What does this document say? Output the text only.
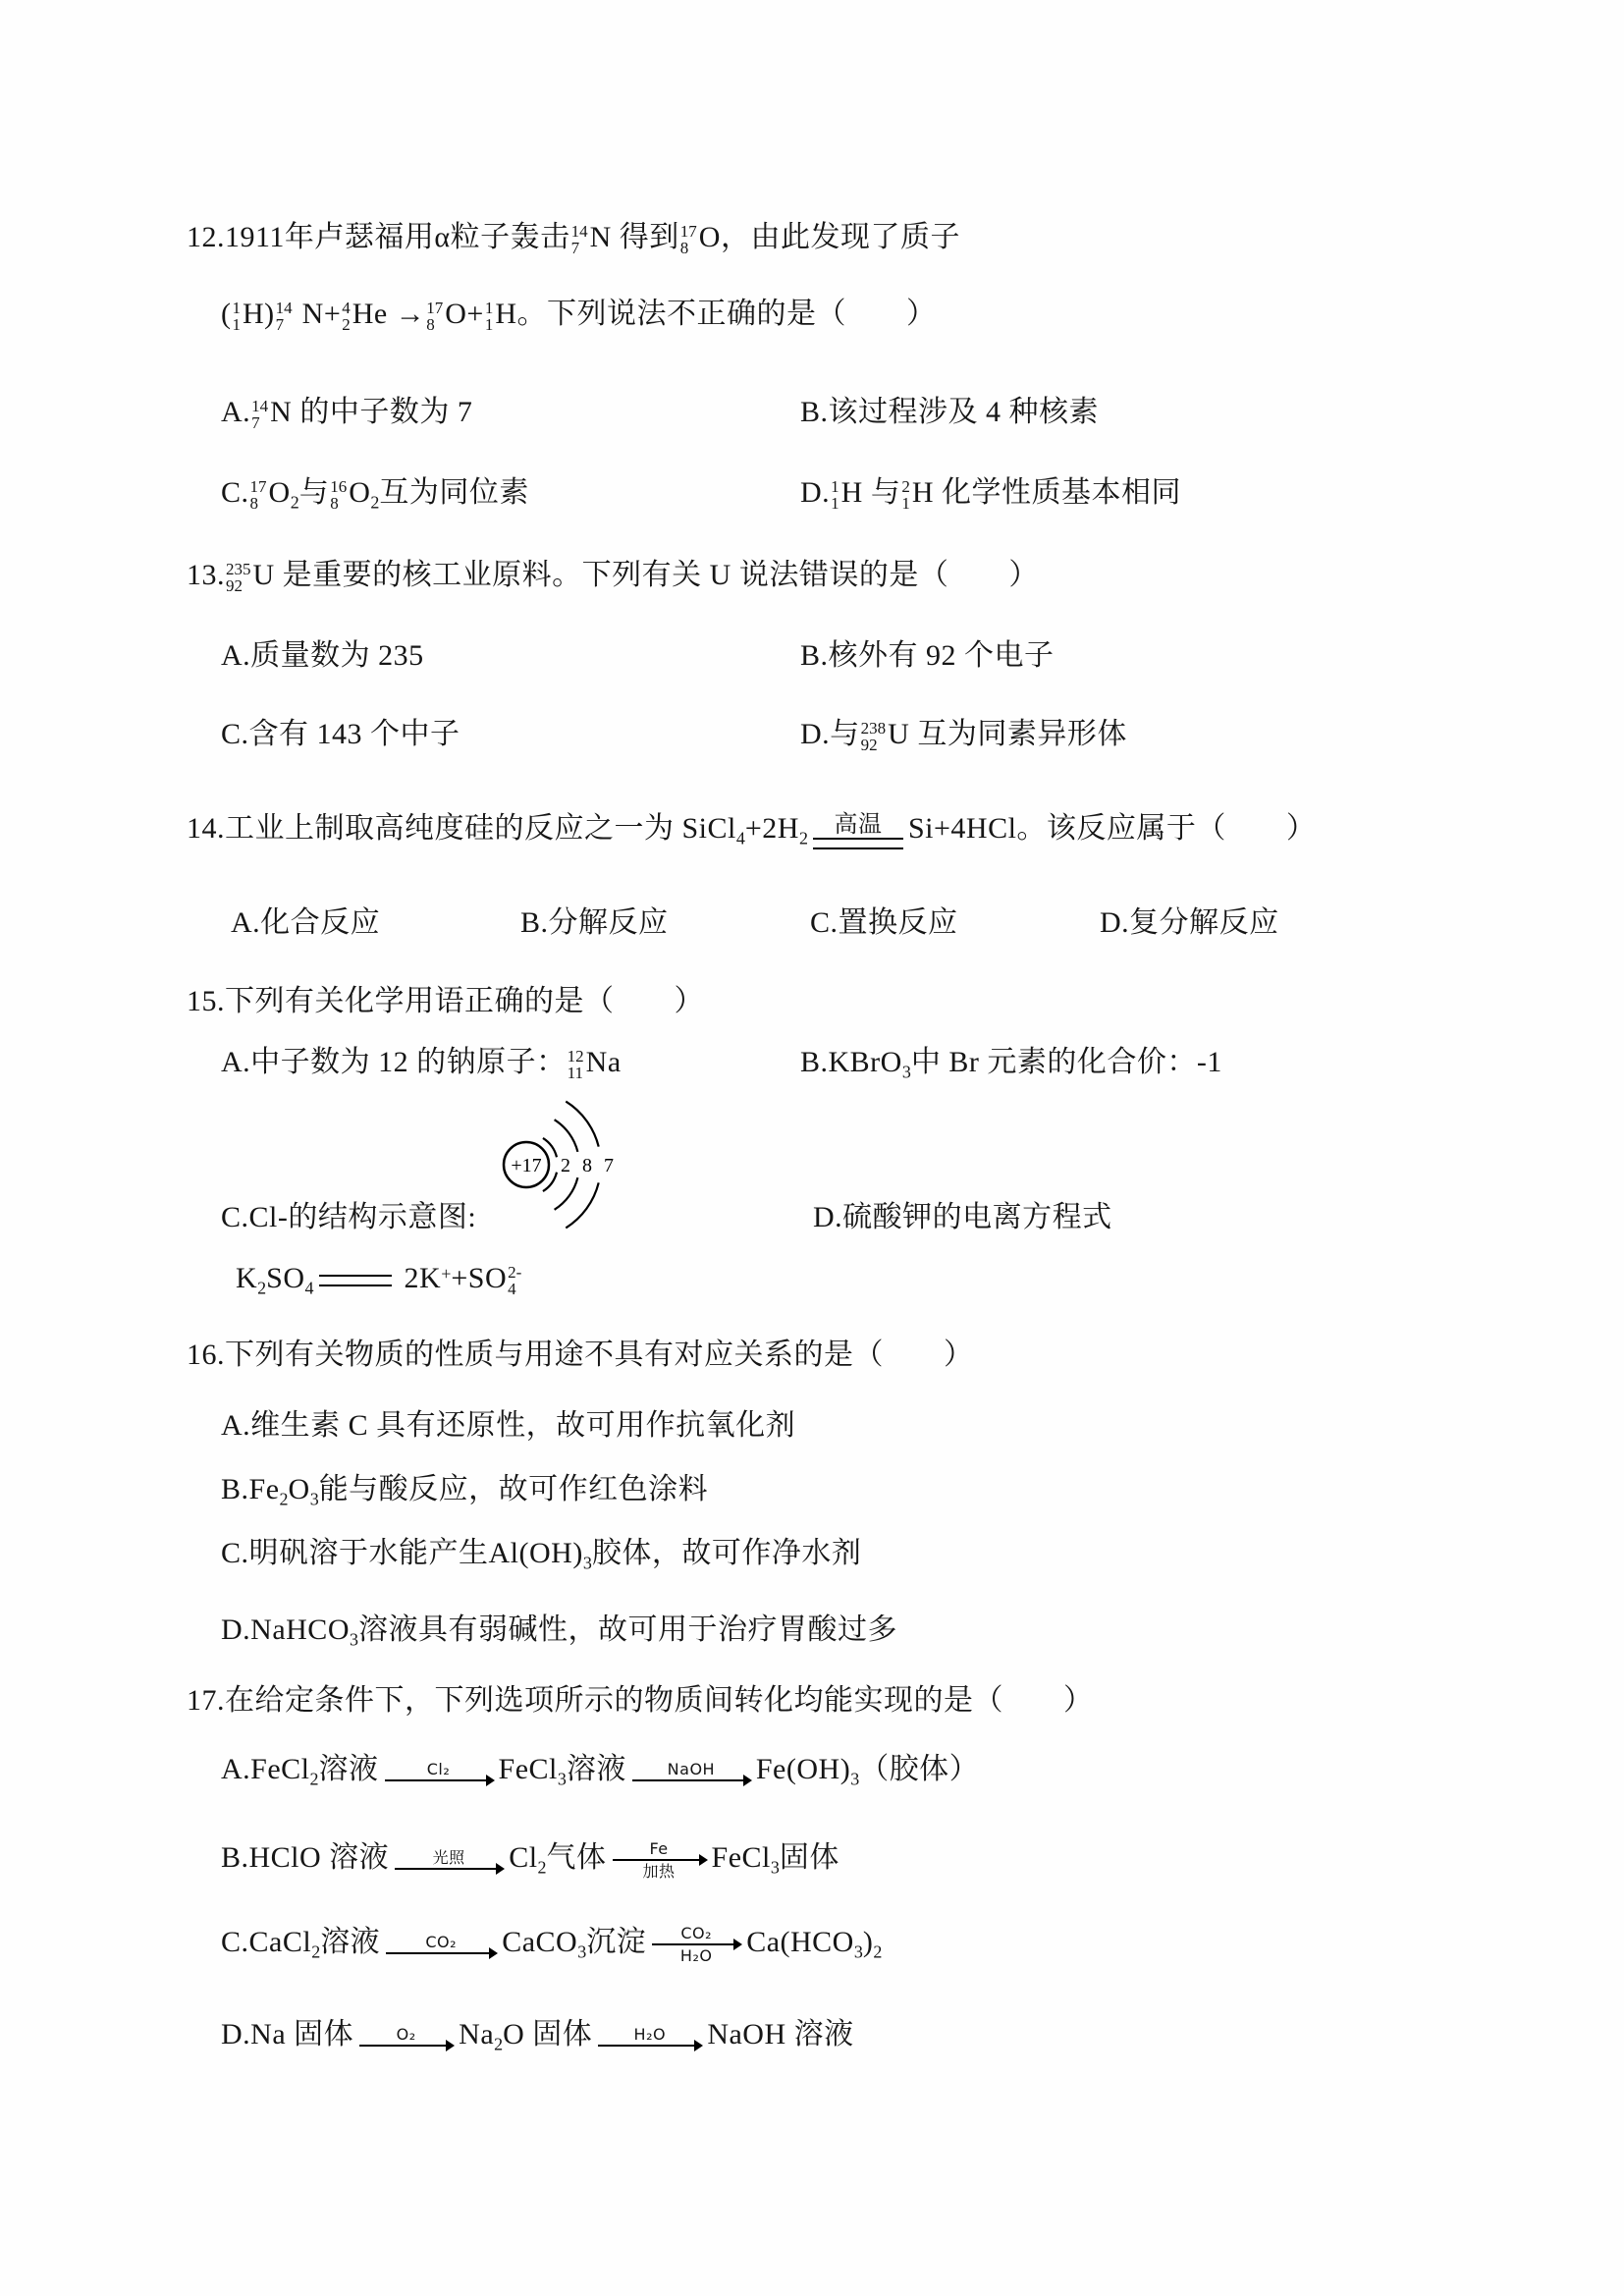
12.1911年卢瑟福用α粒子轰击 14
7 N 得到 17
8 O，由此发现了质子
( 1
1 H) 14
7 N+ 4
2 He → 17
8 O+ 1
1 H。下列说法不正确的是（　　）
A. 14
7 N 的中子数为 7	B.该过程涉及 4 种核素
C. 17
8 $O_2$与 16
8 $O_2$互为同位素	D. 1
1 H 与 2
1 H 化学性质基本相同
13. 235
92 U 是重要的核工业原料。下列有关 U 说法错误的是（　　）
A.质量数为 235	B.核外有 92 个电子
C.含有 143 个中子	D.与 238
92 U 互为同素异形体
14.工业上制取高纯度硅的反应之一为 $SiCl_4+2H_2$
高温 Si+4HCl。该反应属于（　　）
A.化合反应	B.分解反应	C.置换反应	D.复分解反应
15.下列有关化学用语正确的是（　　）
A.中子数为 12 的钠原子： 12
11 Na	B.KBrO$_3$中 Br 元素的化合价：-1
+17 2 8 7
C.Cl-的结构示意图:	D.硫酸钾的电离方程式
$K_2SO_4$	2K++SO 2-
4
16.下列有关物质的性质与用途不具有对应关系的是（　　）
A.维生素 C 具有还原性，故可用作抗氧化剂
$B.Fe_2O_3$能与酸反应，故可作红色涂料
C.明矾溶于水能产生$Al(OH)_3$胶体，故可作净水剂
D.NaHCO$_3$溶液具有弱碱性，故可用于治疗胃酸过多
17.在给定条件下，下列选项所示的物质间转化均能实现的是（　　）
A.FeCl$_2$溶液	Cl₂ FeCl$_3$溶液	NaOH $Fe(OH)_3$（胶体）
B.HClO 溶液	光照 $Cl_2$气体	Fe
加热 FeCl$_3$固体
C.CaCl$_2$溶液	CO₂ CaCO$_3$沉淀 $\frac{\text{CO₂}}{\text{H₂O}} Ca(HCO_3)_2$
D.Na 固体	O₂ $Na_2O$ 固体	H₂O NaOH 溶液
